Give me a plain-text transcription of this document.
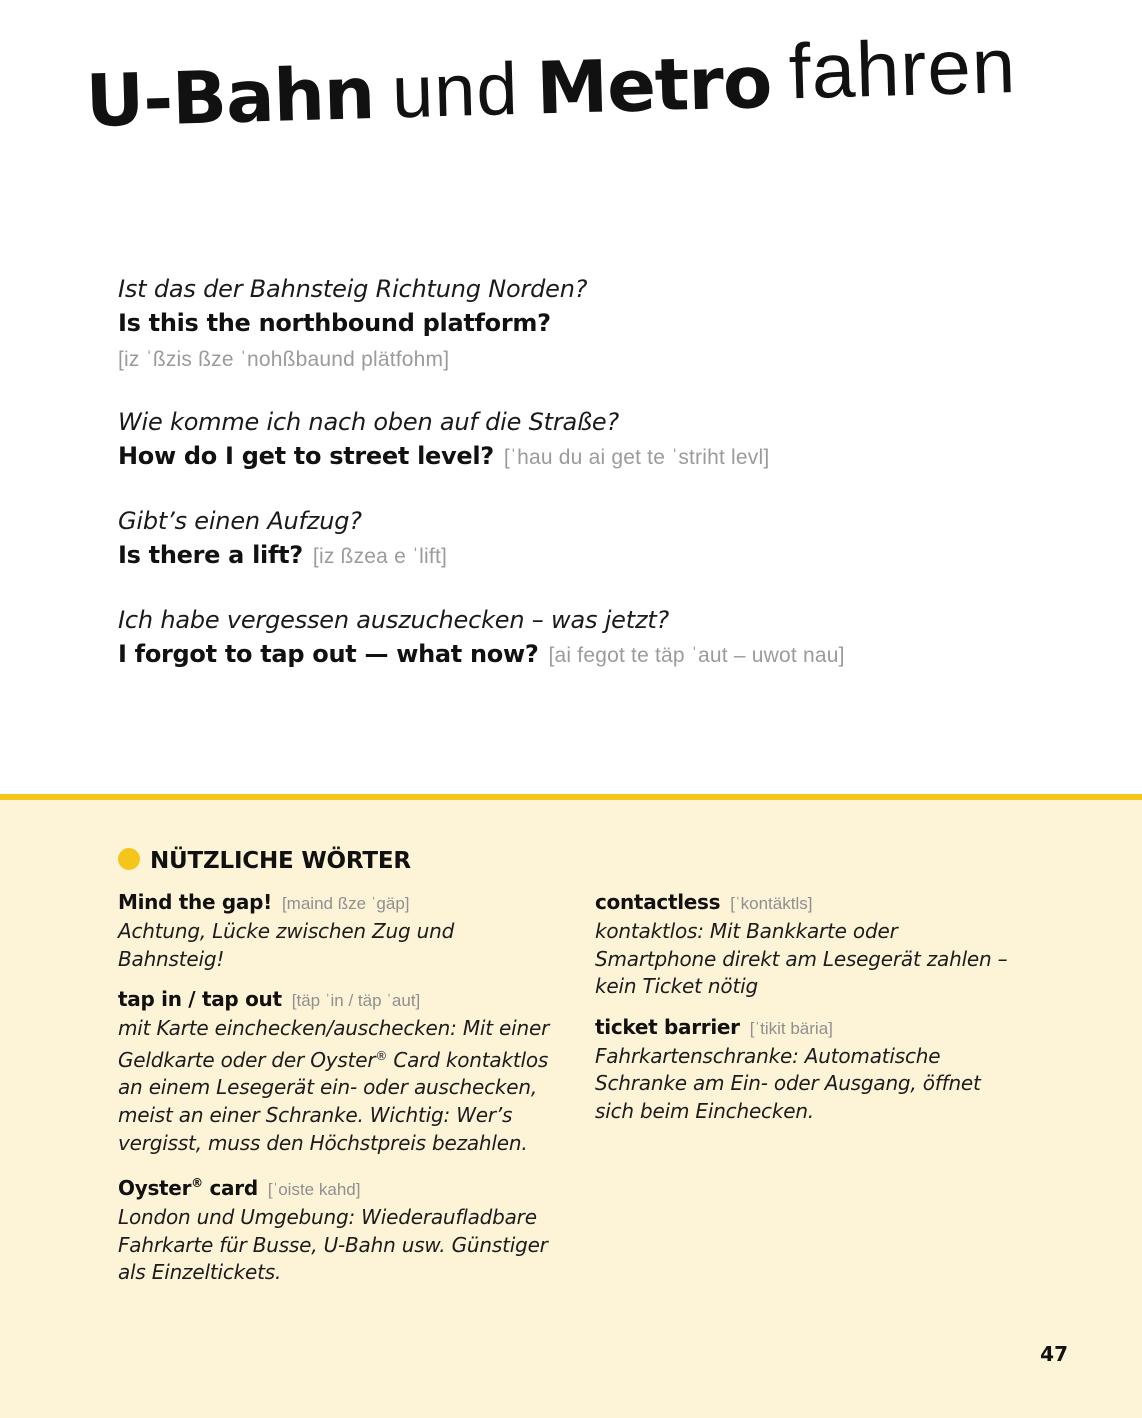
U-Bahn und Metro fahren
Ist das der Bahnsteig Richtung Norden?
Is this the northbound platform?
[iz ˈßzis ßze ˈnohßbaund plätfohm]
Wie komme ich nach oben auf die Straße?
How do I get to street level? [ˈhau du ai get te ˈstriht levl]
Gibt’s einen Aufzug?
Is there a lift? [iz ßzea e ˈlift]
Ich habe vergessen auszuchecken – was jetzt?
I forgot to tap out — what now? [ai fegot te täp ˈaut – uwot nau]
NÜTZLICHE WÖRTER
Mind the gap! [maind ßze ˈgäp]
Achtung, Lücke zwischen Zug und Bahnsteig!
tap in / tap out [täp ˈin / täp ˈaut]
mit Karte einchecken/auschecken: Mit einer Geldkarte oder der Oyster® Card kontaktlos an einem Lesegerät ein- oder auschecken, meist an einer Schranke. Wichtig: Wer’s vergisst, muss den Höchstpreis bezahlen.
Oyster® card [ˈoiste kahd]
London und Umgebung: Wiederaufladbare Fahrkarte für Busse, U-Bahn usw. Günstiger als Einzeltickets.
contactless [ˈkontäktls]
kontaktlos: Mit Bankkarte oder Smartphone direkt am Lesegerät zahlen – kein Ticket nötig
ticket barrier [ˈtikit bäria]
Fahrkartenschranke: Automatische Schranke am Ein- oder Ausgang, öffnet sich beim Einchecken.
47
